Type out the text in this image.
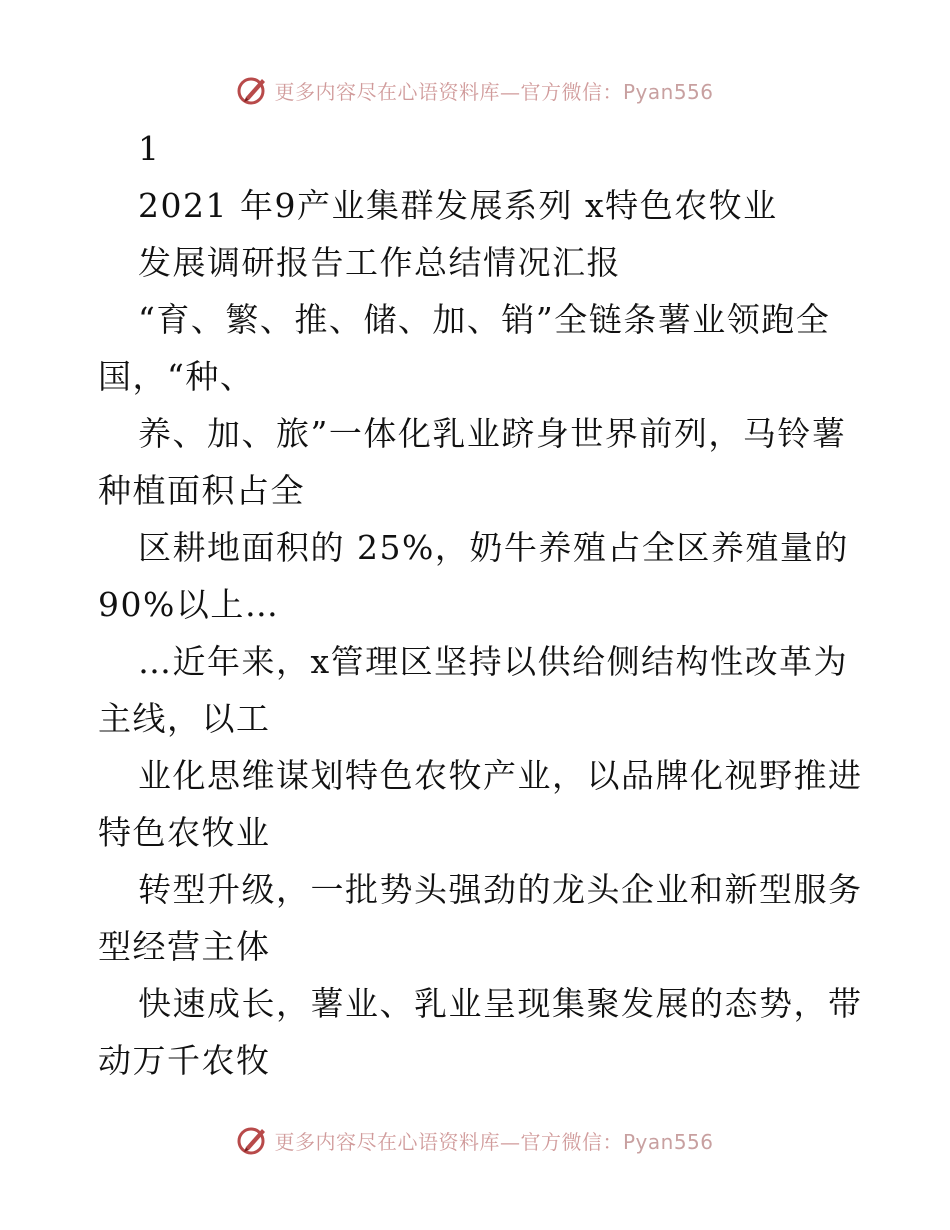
更多内容尽在心语资料库—官方微信：Pyan556
1
2021 年9产业集群发展系列 x特色农牧业
发展调研报告工作总结情况汇报
“育、繁、推、储、加、销”全链条薯业领跑全
国，“种、
养、加、旅”一体化乳业跻身世界前列，马铃薯
种植面积占全
区耕地面积的 25%，奶牛养殖占全区养殖量的
90%以上…
…近年来，x管理区坚持以供给侧结构性改革为
主线，以工
业化思维谋划特色农牧产业，以品牌化视野推进
特色农牧业
转型升级，一批势头强劲的龙头企业和新型服务
型经营主体
快速成长，薯业、乳业呈现集聚发展的态势，带
动万千农牧
更多内容尽在心语资料库—官方微信：Pyan556
